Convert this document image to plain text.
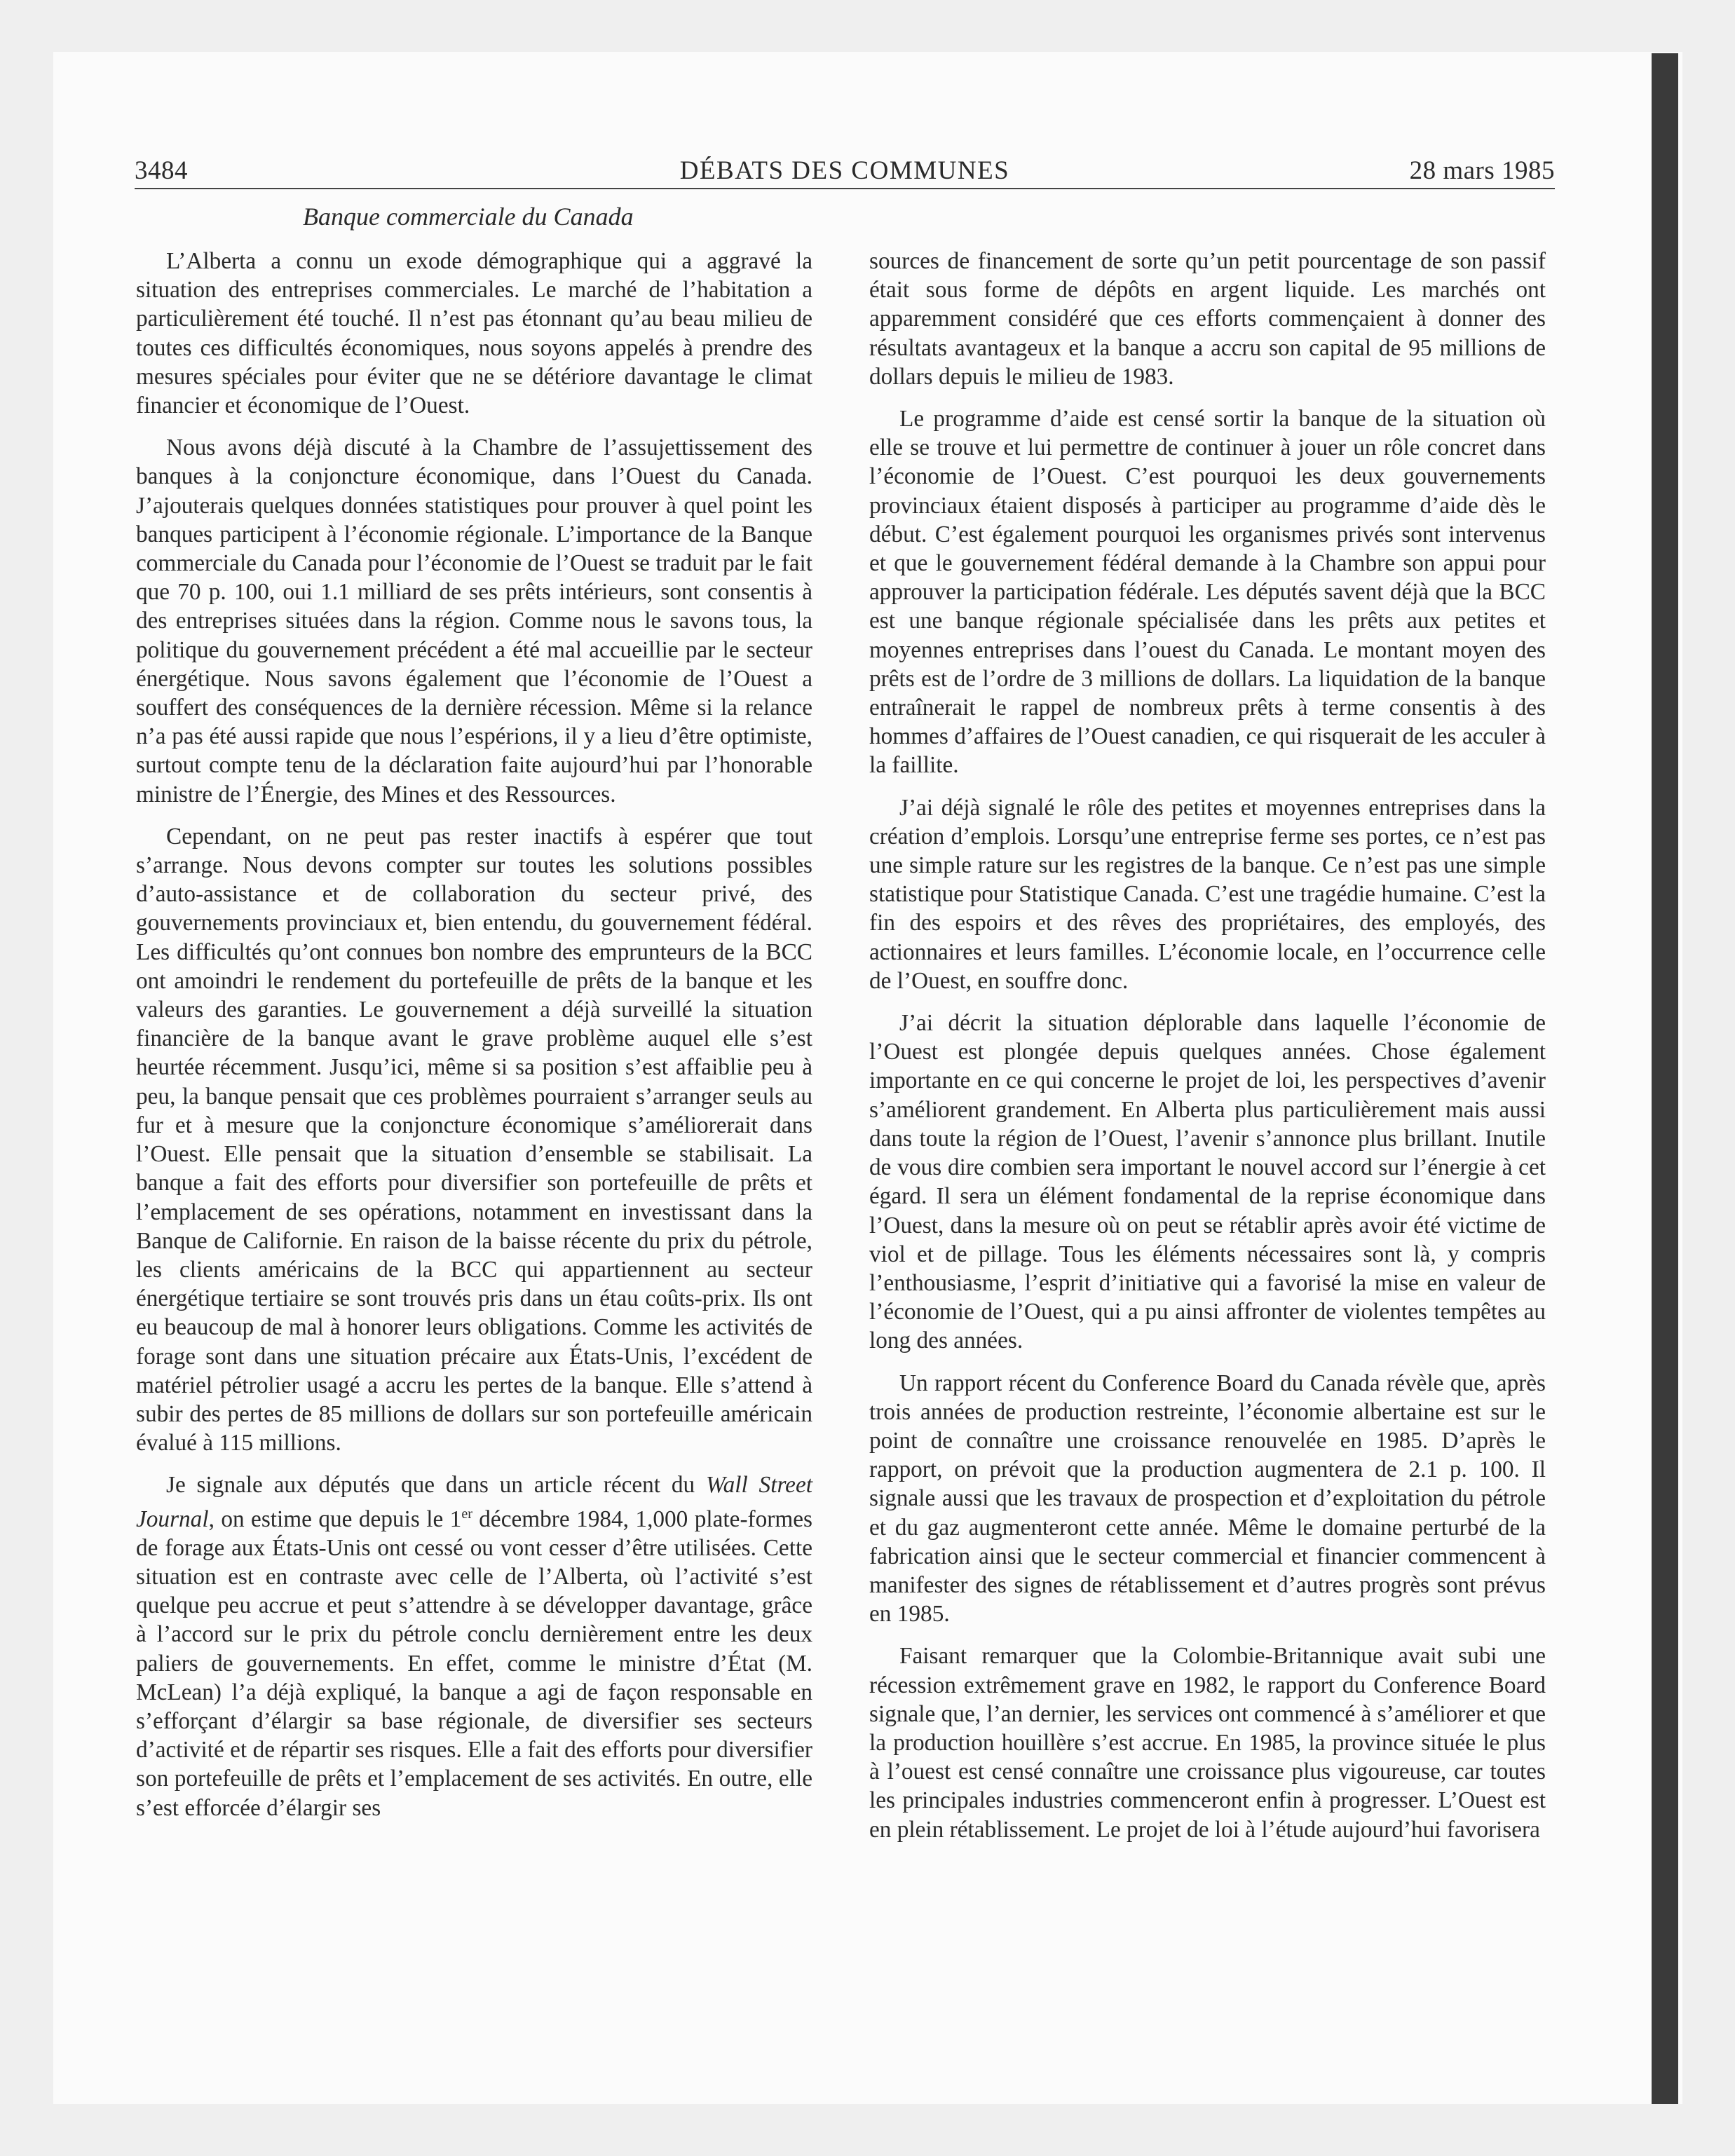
3484	DÉBATS DES COMMUNES	28 mars 1985
Banque commerciale du Canada

L’Alberta a connu un exode démographique qui a aggravé la situation des entreprises commerciales. Le marché de l’habitation a particulièrement été touché. Il n’est pas étonnant qu’au beau milieu de toutes ces difficultés économiques, nous soyons appelés à prendre des mesures spéciales pour éviter que ne se détériore davantage le climat financier et économique de l’Ouest.

Nous avons déjà discuté à la Chambre de l’assujettissement des banques à la conjoncture économique, dans l’Ouest du Canada. J’ajouterais quelques données statistiques pour prouver à quel point les banques participent à l’économie régionale. L’importance de la Banque commerciale du Canada pour l’économie de l’Ouest se traduit par le fait que 70 p. 100, oui 1.1 milliard de ses prêts intérieurs, sont consentis à des entreprises situées dans la région. Comme nous le savons tous, la politique du gouvernement précédent a été mal accueillie par le secteur énergétique. Nous savons également que l’économie de l’Ouest a souffert des conséquences de la dernière récession. Même si la relance n’a pas été aussi rapide que nous l’espérions, il y a lieu d’être optimiste, surtout compte tenu de la déclaration faite aujourd’hui par l’honorable ministre de l’Énergie, des Mines et des Ressources.

Cependant, on ne peut pas rester inactifs à espérer que tout s’arrange. Nous devons compter sur toutes les solutions possibles d’auto-assistance et de collaboration du secteur privé, des gouvernements provinciaux et, bien entendu, du gouvernement fédéral. Les difficultés qu’ont connues bon nombre des emprunteurs de la BCC ont amoindri le rendement du portefeuille de prêts de la banque et les valeurs des garanties. Le gouvernement a déjà surveillé la situation financière de la banque avant le grave problème auquel elle s’est heurtée récemment. Jusqu’ici, même si sa position s’est affaiblie peu à peu, la banque pensait que ces problèmes pourraient s’arranger seuls au fur et à mesure que la conjoncture économique s’améliorerait dans l’Ouest. Elle pensait que la situation d’ensemble se stabilisait. La banque a fait des efforts pour diversifier son portefeuille de prêts et l’emplacement de ses opérations, notamment en investissant dans la Banque de Californie. En raison de la baisse récente du prix du pétrole, les clients américains de la BCC qui appartiennent au secteur énergétique tertiaire se sont trouvés pris dans un étau coûts-prix. Ils ont eu beaucoup de mal à honorer leurs obligations. Comme les activités de forage sont dans une situation précaire aux États-Unis, l’excédent de matériel pétrolier usagé a accru les pertes de la banque. Elle s’attend à subir des pertes de 85 millions de dollars sur son portefeuille américain évalué à 115 millions.

Je signale aux députés que dans un article récent du Wall Street Journal, on estime que depuis le 1er décembre 1984, 1,000 plate-formes de forage aux États-Unis ont cessé ou vont cesser d’être utilisées. Cette situation est en contraste avec celle de l’Alberta, où l’activité s’est quelque peu accrue et peut s’attendre à se développer davantage, grâce à l’accord sur le prix du pétrole conclu dernièrement entre les deux paliers de gouvernements. En effet, comme le ministre d’État (M. McLean) l’a déjà expliqué, la banque a agi de façon responsable en s’efforçant d’élargir sa base régionale, de diversifier ses secteurs d’activité et de répartir ses risques. Elle a fait des efforts pour diversifier son portefeuille de prêts et l’emplacement de ses activités. En outre, elle s’est efforcée d’élargir ses

sources de financement de sorte qu’un petit pourcentage de son passif était sous forme de dépôts en argent liquide. Les marchés ont apparemment considéré que ces efforts commençaient à donner des résultats avantageux et la banque a accru son capital de 95 millions de dollars depuis le milieu de 1983.

Le programme d’aide est censé sortir la banque de la situation où elle se trouve et lui permettre de continuer à jouer un rôle concret dans l’économie de l’Ouest. C’est pourquoi les deux gouvernements provinciaux étaient disposés à participer au programme d’aide dès le début. C’est également pourquoi les organismes privés sont intervenus et que le gouvernement fédéral demande à la Chambre son appui pour approuver la participation fédérale. Les députés savent déjà que la BCC est une banque régionale spécialisée dans les prêts aux petites et moyennes entreprises dans l’ouest du Canada. Le montant moyen des prêts est de l’ordre de 3 millions de dollars. La liquidation de la banque entraînerait le rappel de nombreux prêts à terme consentis à des hommes d’affaires de l’Ouest canadien, ce qui risquerait de les acculer à la faillite.

J’ai déjà signalé le rôle des petites et moyennes entreprises dans la création d’emplois. Lorsqu’une entreprise ferme ses portes, ce n’est pas une simple rature sur les registres de la banque. Ce n’est pas une simple statistique pour Statistique Canada. C’est une tragédie humaine. C’est la fin des espoirs et des rêves des propriétaires, des employés, des actionnaires et leurs familles. L’économie locale, en l’occurrence celle de l’Ouest, en souffre donc.

J’ai décrit la situation déplorable dans laquelle l’économie de l’Ouest est plongée depuis quelques années. Chose également importante en ce qui concerne le projet de loi, les perspectives d’avenir s’améliorent grandement. En Alberta plus particulièrement mais aussi dans toute la région de l’Ouest, l’avenir s’annonce plus brillant. Inutile de vous dire combien sera important le nouvel accord sur l’énergie à cet égard. Il sera un élément fondamental de la reprise économique dans l’Ouest, dans la mesure où on peut se rétablir après avoir été victime de viol et de pillage. Tous les éléments nécessaires sont là, y compris l’enthousiasme, l’esprit d’initiative qui a favorisé la mise en valeur de l’économie de l’Ouest, qui a pu ainsi affronter de violentes tempêtes au long des années.

Un rapport récent du Conference Board du Canada révèle que, après trois années de production restreinte, l’économie albertaine est sur le point de connaître une croissance renouvelée en 1985. D’après le rapport, on prévoit que la production augmentera de 2.1 p. 100. Il signale aussi que les travaux de prospection et d’exploitation du pétrole et du gaz augmenteront cette année. Même le domaine perturbé de la fabrication ainsi que le secteur commercial et financier commencent à manifester des signes de rétablissement et d’autres progrès sont prévus en 1985.

Faisant remarquer que la Colombie-Britannique avait subi une récession extrêmement grave en 1982, le rapport du Conference Board signale que, l’an dernier, les services ont commencé à s’améliorer et que la production houillère s’est accrue. En 1985, la province située le plus à l’ouest est censé connaître une croissance plus vigoureuse, car toutes les principales industries commenceront enfin à progresser. L’Ouest est en plein rétablissement. Le projet de loi à l’étude aujourd’hui favorisera
